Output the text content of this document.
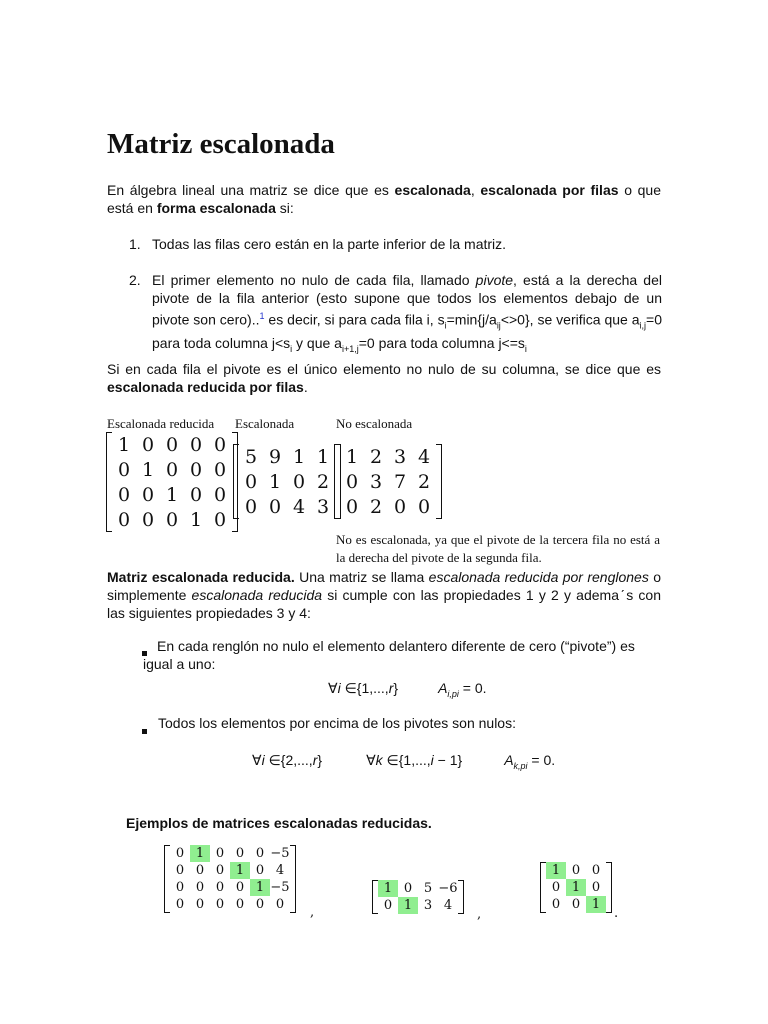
Matriz escalonada
En álgebra lineal una matriz se dice que es escalonada, escalonada por filas o que está en forma escalonada si:
1. Todas las filas cero están en la parte inferior de la matriz.
2. El primer elemento no nulo de cada fila, llamado pivote, está a la derecha del pivote de la fila anterior (esto supone que todos los elementos debajo de un pivote son cero)..$^1$ es decir, si para cada fila i, $s_i=\min\{j/a_{ij}<>0\}$, se verifica que $a_{i,j}=0$ para toda columna $j<s_i$ y que $a_{i+1,j}=0$ para toda columna $j<=s_i$
Si en cada fila el pivote es el único elemento no nulo de su columna, se dice que es escalonada reducida por filas.
Escalonada reducida Escalonada	No escalonada
1	0	0	0	0
0	1	0	0	0
0	0	1	0	0
0	0	0	1	0
5	9	1	1
0	1	0	2
0	0	4	3
1	2	3	4
0	3	7	2
0	2	0	0
No es escalonada, ya que el pivote de la tercera fila no está a la derecha del pivote de la segunda fila.
Matriz escalonada reducida. Una matriz se llama escalonada reducida por renglones o simplemente escalonada reducida si cumple con las propiedades 1 y 2 y ademaˊs con las siguientes propiedades 3 y 4:
En cada renglón no nulo el elemento delantero diferente de cero (“pivote”) es igual a uno:
∀i ∈{1,...,r}	$A_{i,pi} = 0$.
Todos los elementos por encima de los pivotes son nulos:
∀i ∈{2,...,r}	∀k ∈{1,...,i − 1}	$A_{k,pi} = 0$.
Ejemplos de matrices escalonadas reducidas.
0	1	0	0	0	−5
0	0	0	1	0	4
0	0	0	0	1	−5
0	0	0	0	0	0
,
1	0	5	−6
0	1	3	4
,
1	0	0
0	1	0
0	0	1
.
